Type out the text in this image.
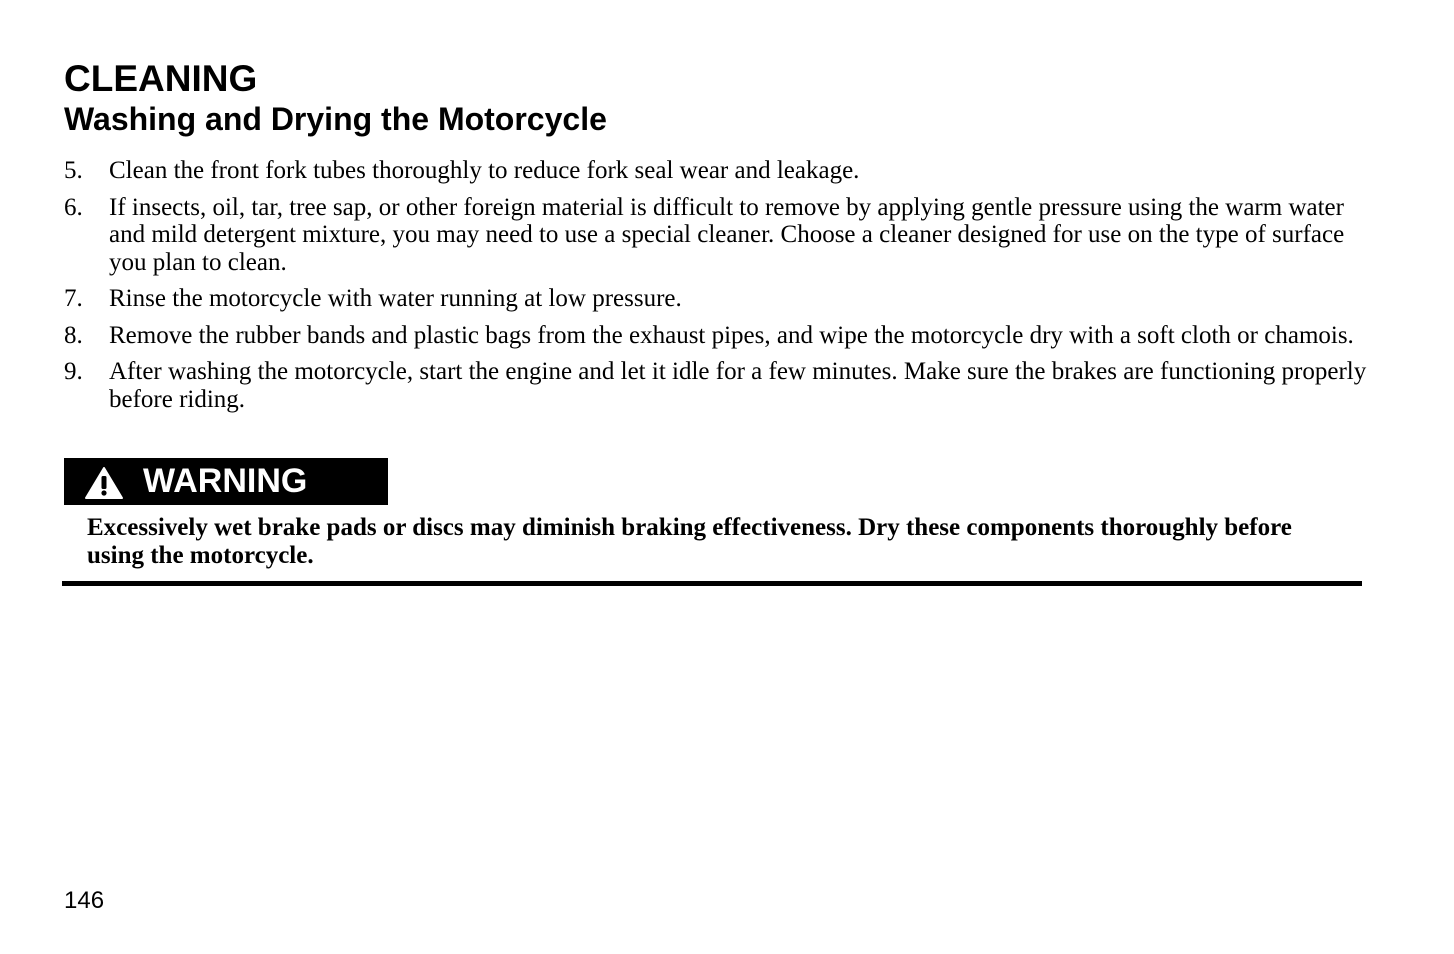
CLEANING
Washing and Drying the Motorcycle
5. Clean the front fork tubes thoroughly to reduce fork seal wear and leakage.
6. If insects, oil, tar, tree sap, or other foreign material is difficult to remove by applying gentle pressure using the warm water and mild detergent mixture, you may need to use a special cleaner. Choose a cleaner designed for use on the type of surface you plan to clean.
7. Rinse the motorcycle with water running at low pressure.
8. Remove the rubber bands and plastic bags from the exhaust pipes, and wipe the motorcycle dry with a soft cloth or chamois.
9. After washing the motorcycle, start the engine and let it idle for a few minutes. Make sure the brakes are functioning properly before riding.
WARNING

Excessively wet brake pads or discs may diminish braking effectiveness. Dry these components thoroughly before using the motorcycle.

146
